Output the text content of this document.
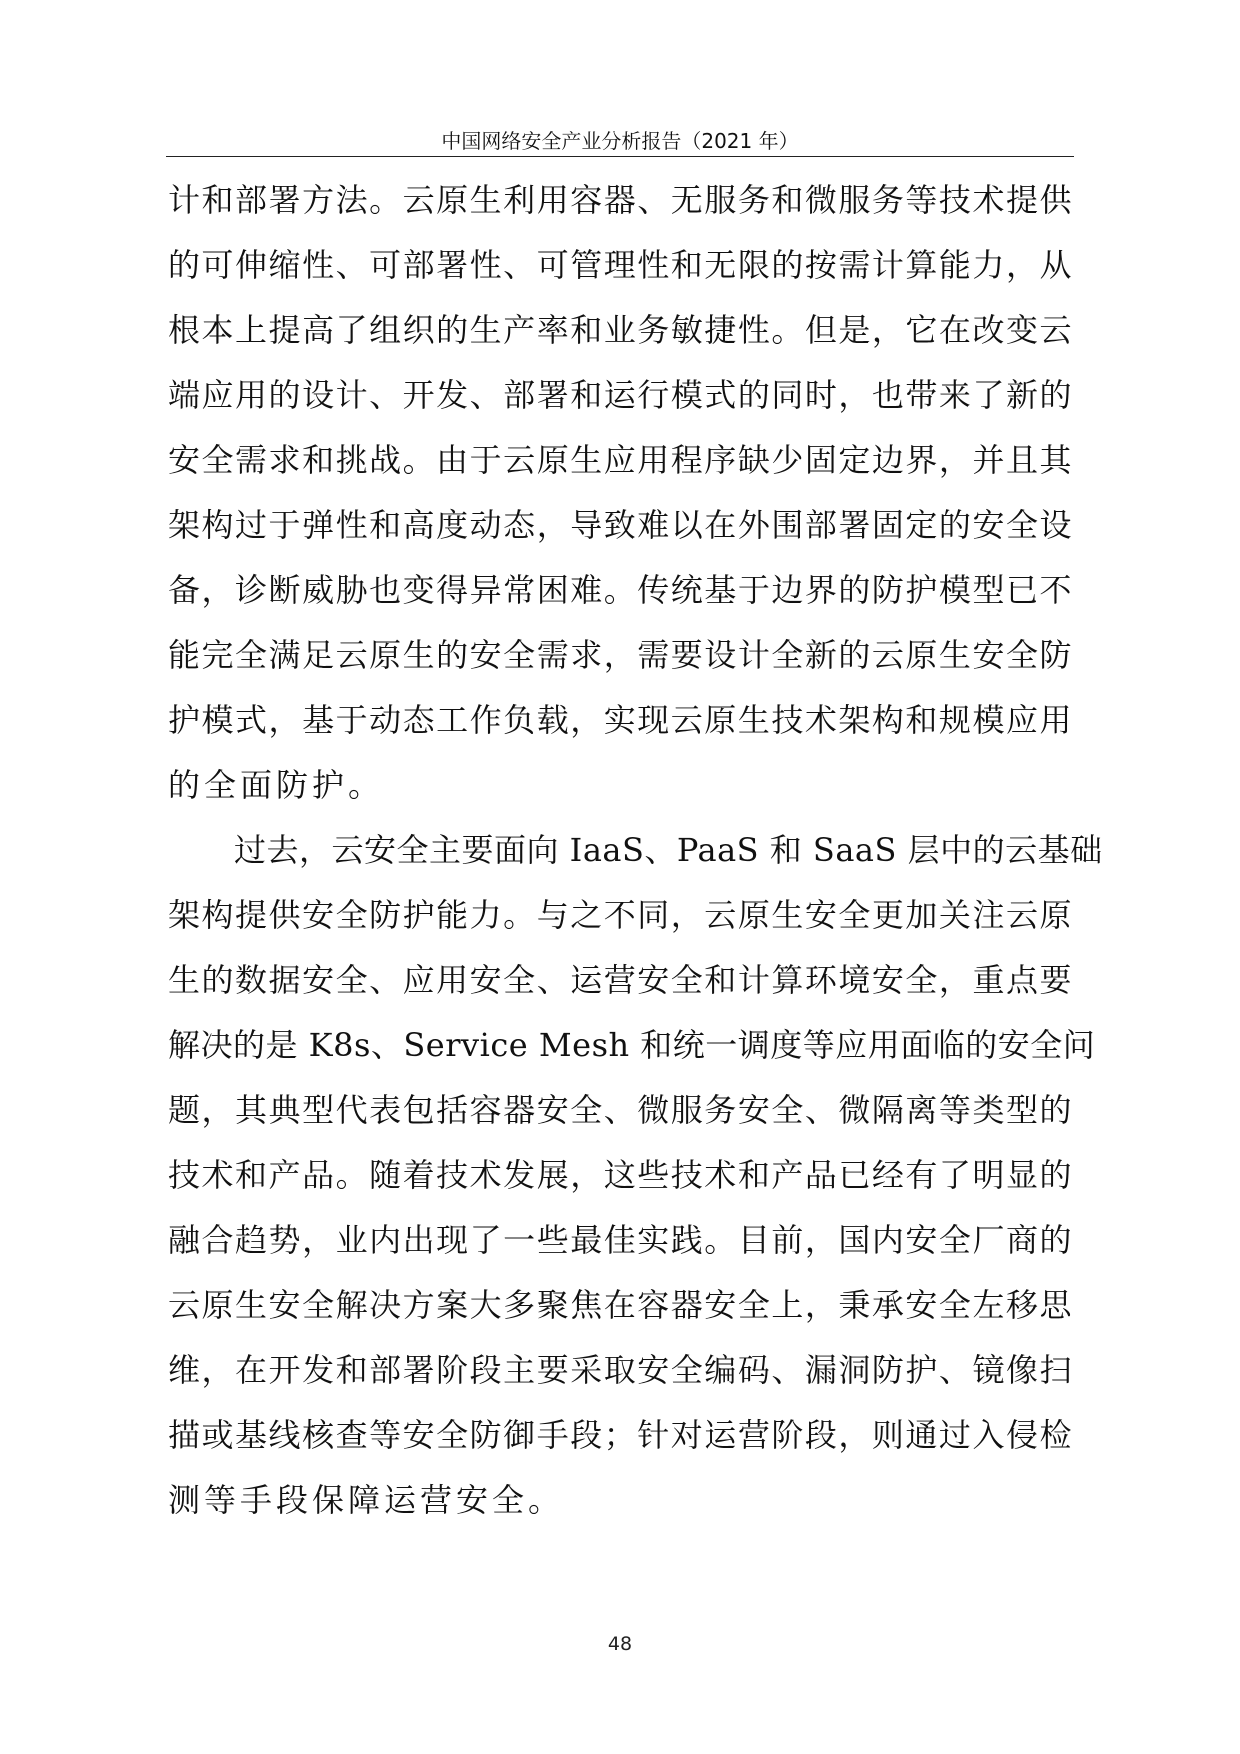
中国网络安全产业分析报告（2021 年）
计和部署方法。云原生利用容器、无服务和微服务等技术提供
的可伸缩性、可部署性、可管理性和无限的按需计算能力，从
根本上提高了组织的生产率和业务敏捷性。但是，它在改变云
端应用的设计、开发、部署和运行模式的同时，也带来了新的
安全需求和挑战。由于云原生应用程序缺少固定边界，并且其
架构过于弹性和高度动态，导致难以在外围部署固定的安全设
备，诊断威胁也变得异常困难。传统基于边界的防护模型已不
能完全满足云原生的安全需求，需要设计全新的云原生安全防
护模式，基于动态工作负载，实现云原生技术架构和规模应用
的全面防护。
过去，云安全主要面向 IaaS、PaaS 和 SaaS 层中的云基础
架构提供安全防护能力。与之不同，云原生安全更加关注云原
生的数据安全、应用安全、运营安全和计算环境安全，重点要
解决的是 K8s、Service Mesh 和统一调度等应用面临的安全问
题，其典型代表包括容器安全、微服务安全、微隔离等类型的
技术和产品。随着技术发展，这些技术和产品已经有了明显的
融合趋势，业内出现了一些最佳实践。目前，国内安全厂商的
云原生安全解决方案大多聚焦在容器安全上，秉承安全左移思
维，在开发和部署阶段主要采取安全编码、漏洞防护、镜像扫
描或基线核查等安全防御手段；针对运营阶段，则通过入侵检
测等手段保障运营安全。
48
